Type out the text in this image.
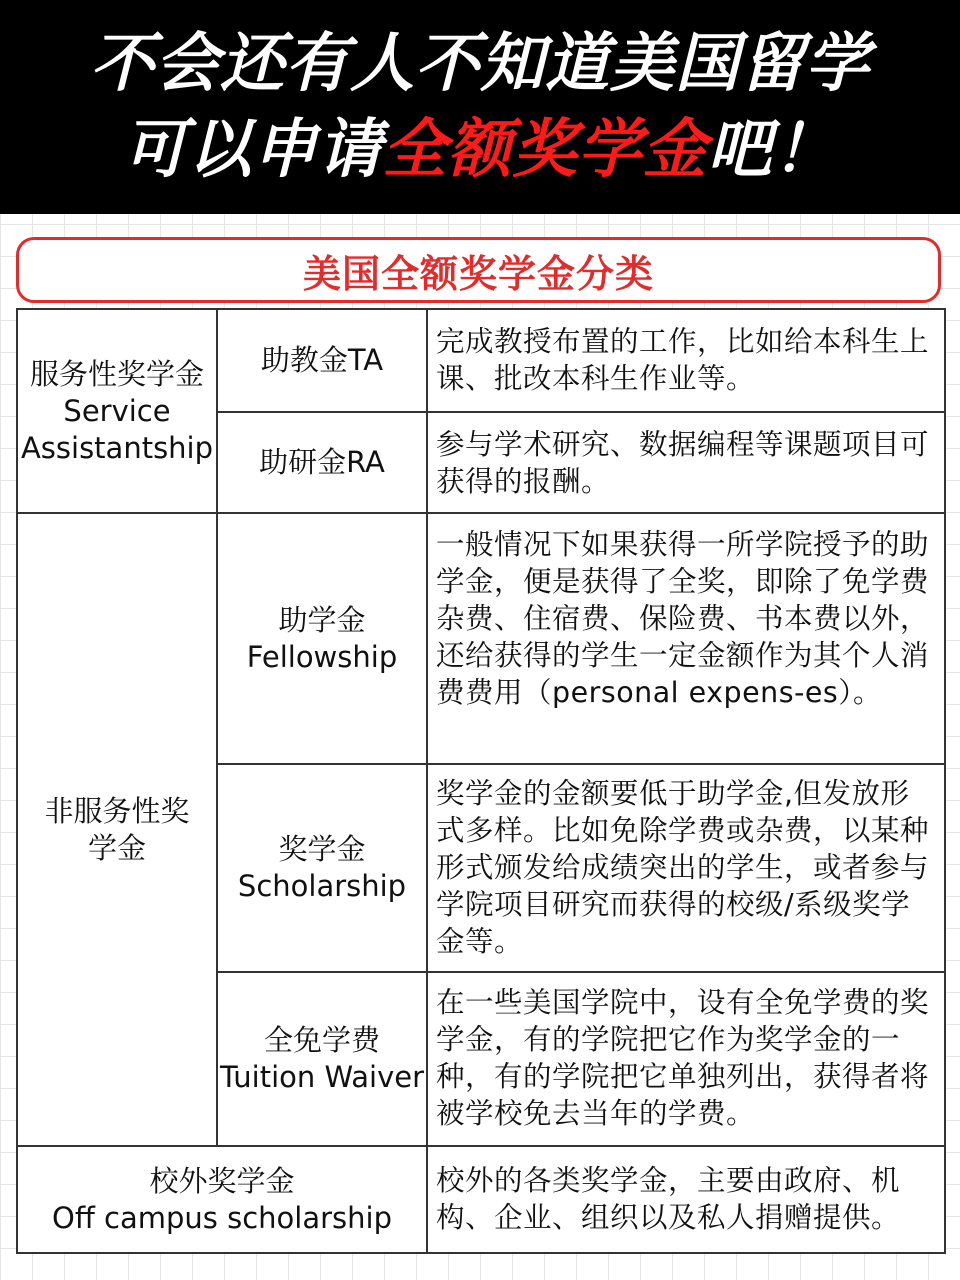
不会还有人不知道美国留学
可以申请全额奖学金吧！
美国全额奖学金分类
服务性奖学金
Service
Assistantship
助教金TA
完成教授布置的工作，比如给本科生上课、批改本科生作业等。
助研金RA
参与学术研究、数据编程等课题项目可获得的报酬。
非服务性奖
学金
助学金
Fellowship
一般情况下如果获得一所学院授予的助学金，便是获得了全奖，即除了免学费杂费、住宿费、保险费、书本费以外，还给获得的学生一定金额作为其个人消费费用（personal expens-es）。
奖学金
Scholarship
奖学金的金额要低于助学金,但发放形式多样。比如免除学费或杂费，以某种形式颁发给成绩突出的学生，或者参与学院项目研究而获得的校级/系级奖学金等。
全免学费
Tuition Waiver
在一些美国学院中，设有全免学费的奖学金，有的学院把它作为奖学金的一种，有的学院把它单独列出，获得者将被学校免去当年的学费。
校外奖学金
Off campus scholarship
校外的各类奖学金，主要由政府、机构、企业、组织以及私人捐赠提供。
